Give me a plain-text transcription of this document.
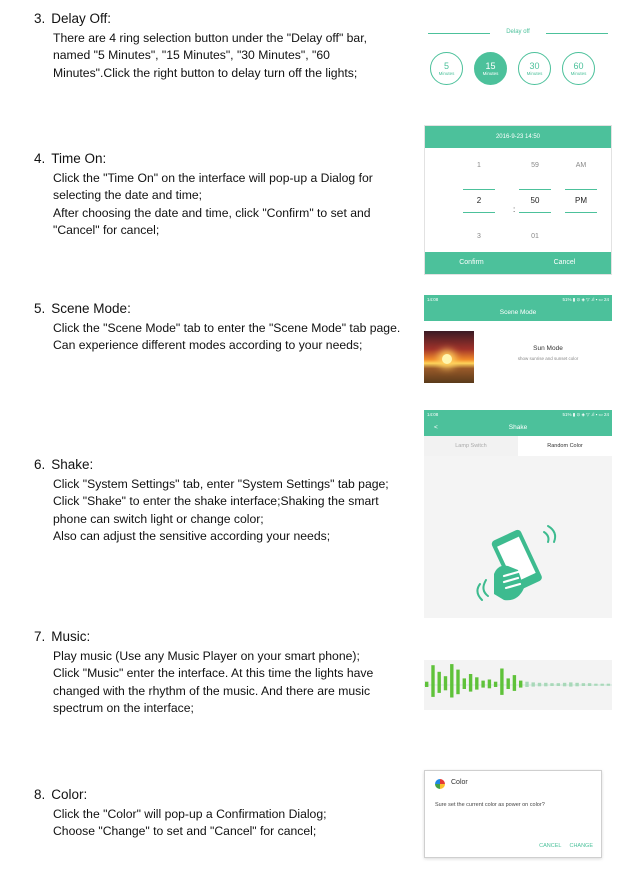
3. Delay Off:

There are 4 ring selection button under the "Delay off" bar, named "5 Minutes", "15 Minutes", "30 Minutes", "60 Minutes".Click the right button to delay turn off the lights;

4. Time On:

Click the "Time On" on the interface will pop-up a Dialog for selecting the date and time;

After choosing the date and time, click "Confirm" to set and "Cancel" for cancel;

5. Scene Mode:

Click the "Scene Mode" tab to enter the "Scene Mode" tab page. Can experience different modes according to your needs;

6. Shake:

Click "System Settings" tab, enter "System Settings" tab page;

Click "Shake" to enter the shake interface;Shaking the smart phone can switch light or change color;

Also can adjust the sensitive according your needs;

7. Music:

Play music (Use any Music Player on your smart phone);

Click "Music" enter the interface. At this time the lights have changed with the rhythm of the music. And there are music spectrum on the interface;

8. Color:

Click the "Color" will pop-up a Confirmation Dialog;

Choose "Change" to set and "Cancel" for cancel;

Delay off
5
Minutes
15
Minutes
30
Minutes
60
Minutes
2016-9-23 14:50
1
2
3
:
59
50
01
AM
PM
Confirm	Cancel
14:08	51% ▮ ⊙ ◈ ▽ .ıl ▪ ▭ 24
Scene Mode
Sun Mode
show sunrise and sunset color
14:08	51% ▮ ⊙ ◈ ▽ .ıl ▪ ▭ 24
<	Shake
Lamp Switch	Random Color
Color
Sure set the current color as power on color?
CANCEL CHANGE
